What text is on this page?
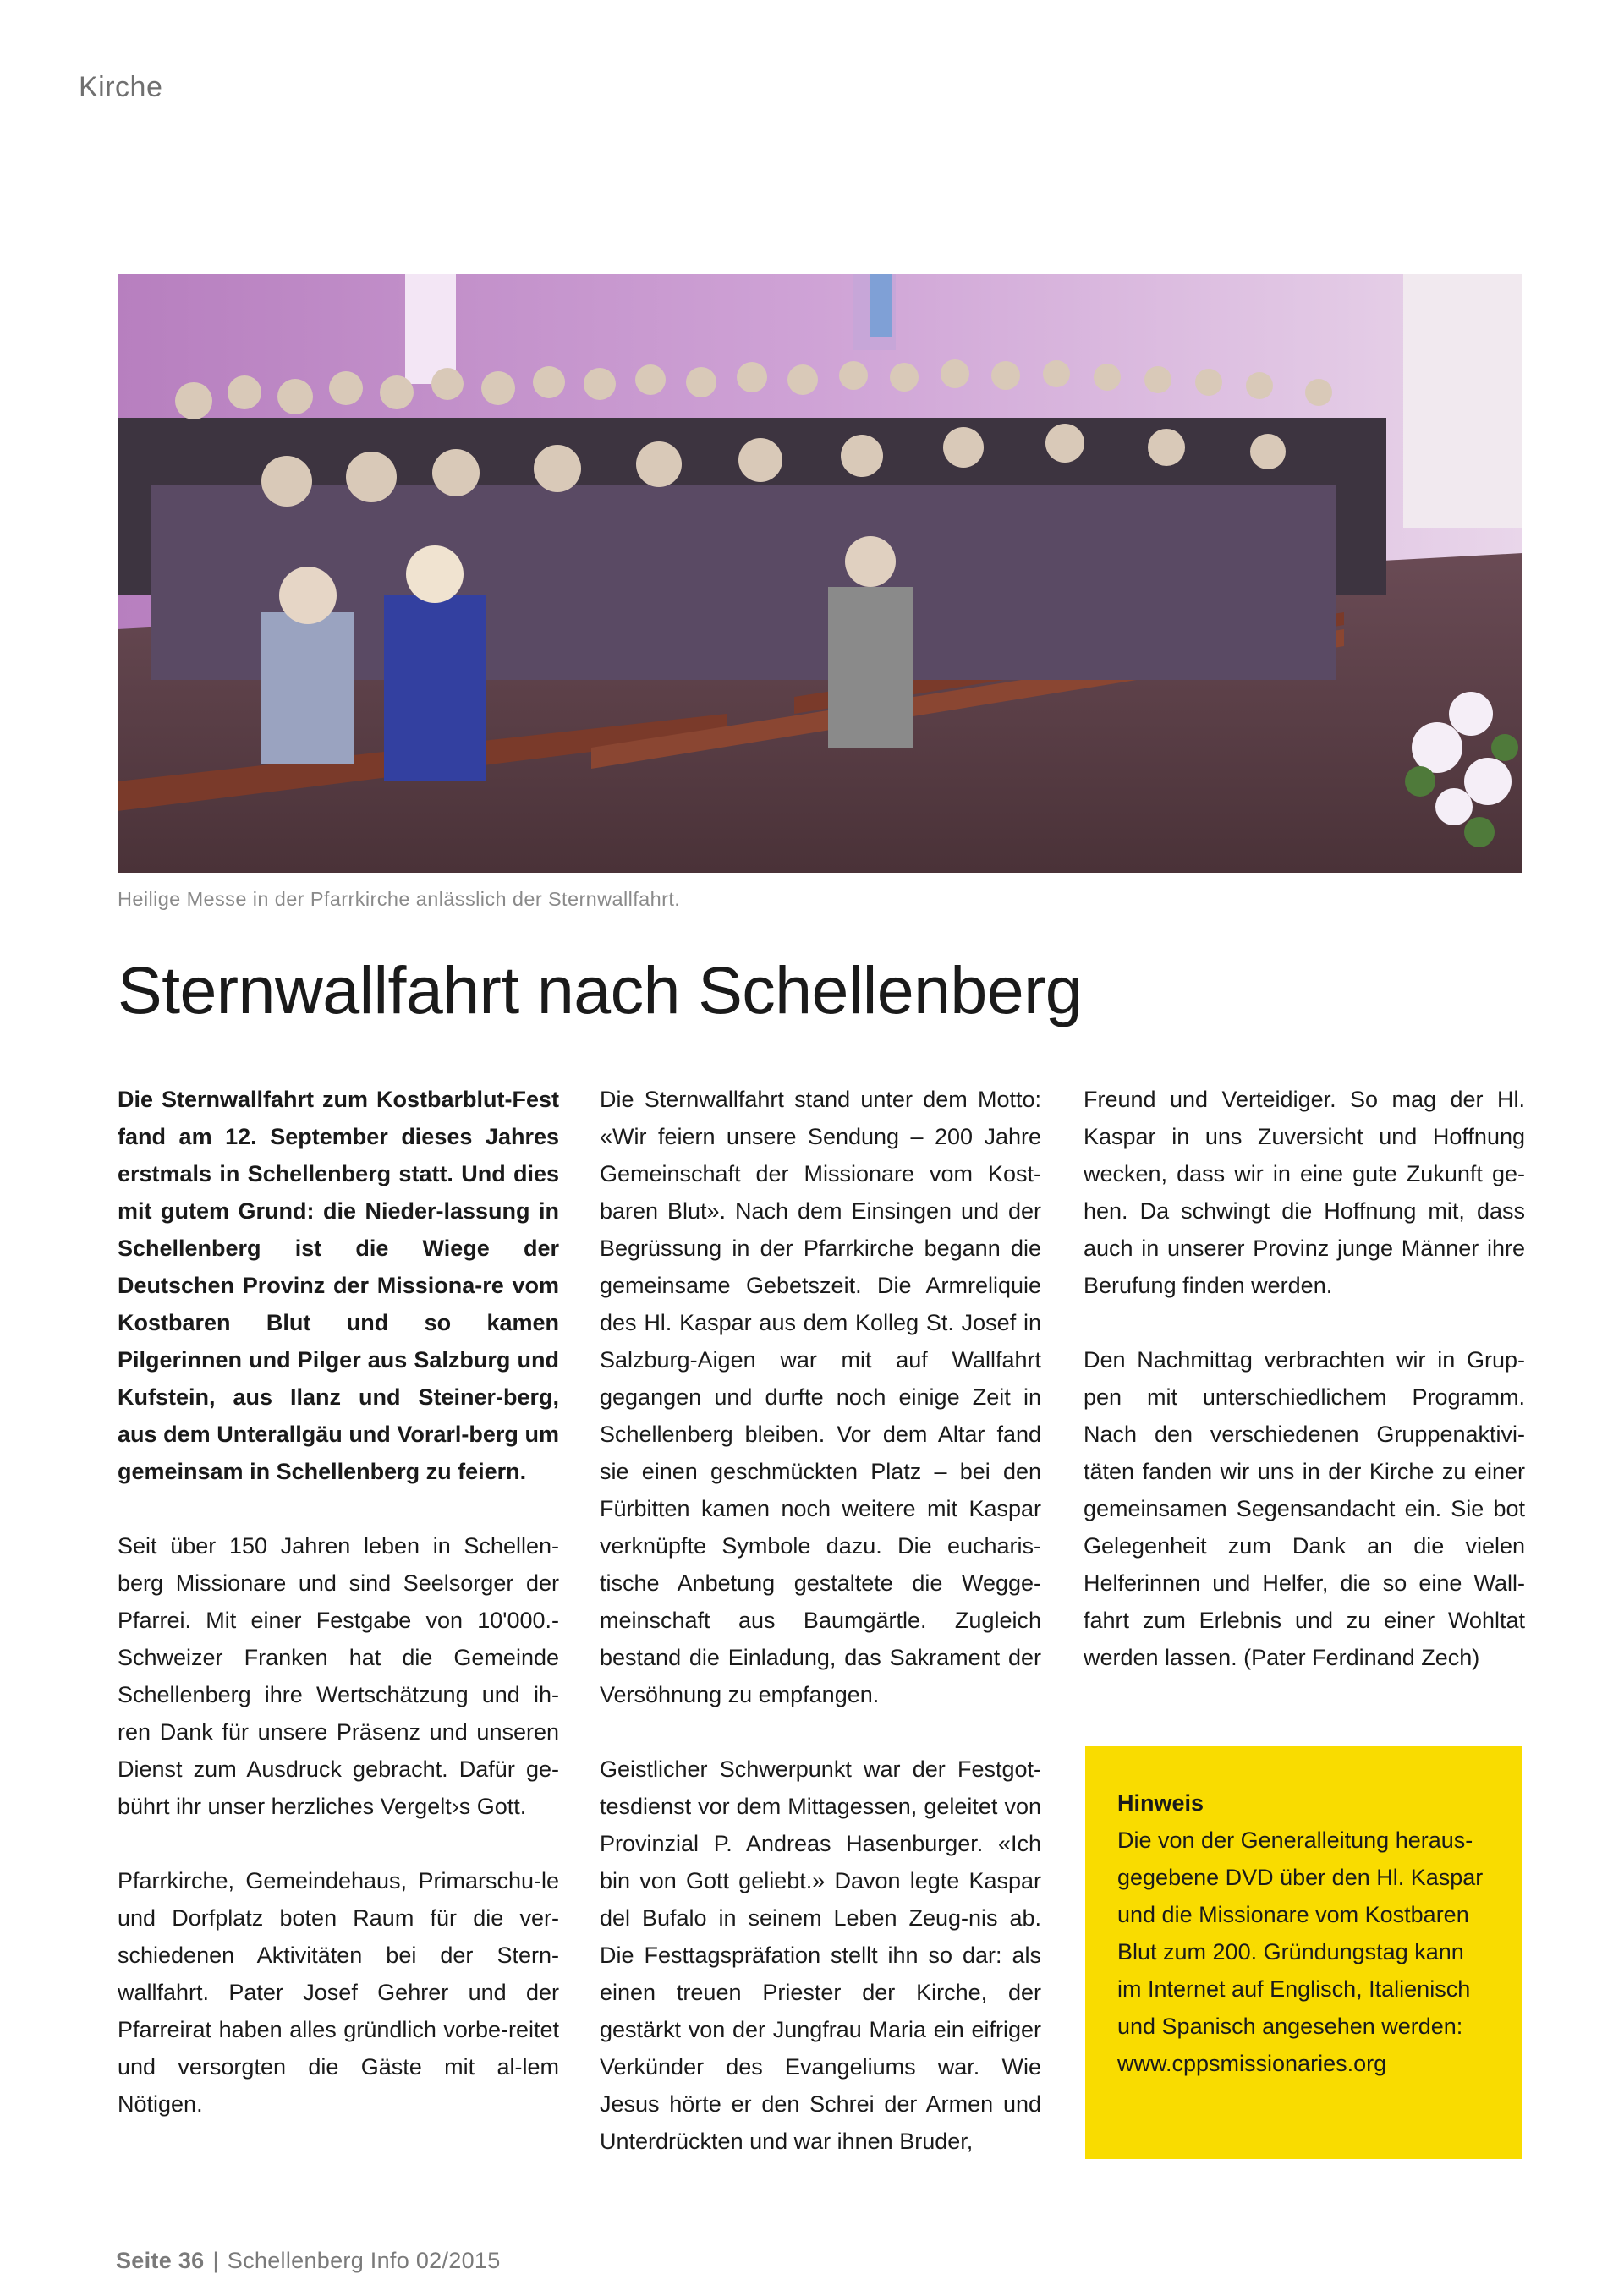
Kirche
Heilige Messe in der Pfarrkirche anlässlich der Sternwallfahrt.
Sternwallfahrt nach Schellenberg

Die Sternwallfahrt zum Kostbarblut-Fest fand am 12. September dieses Jahres erstmals in Schellenberg statt. Und dies mit gutem Grund: die Nieder-lassung in Schellenberg ist die Wiege der Deutschen Provinz der Missiona-re vom Kostbaren Blut und so kamen Pilgerinnen und Pilger aus Salzburg und Kufstein, aus Ilanz und Steiner-berg, aus dem Unterallgäu und Vorarl-berg um gemeinsam in Schellenberg zu feiern.

Seit über 150 Jahren leben in Schellen-berg Missionare und sind Seelsorger der Pfarrei. Mit einer Festgabe von 10'000.- Schweizer Franken hat die Gemeinde Schellenberg ihre Wertschätzung und ih-ren Dank für unsere Präsenz und unseren Dienst zum Ausdruck gebracht. Dafür ge-bührt ihr unser herzliches Vergelt›s Gott.

Pfarrkirche, Gemeindehaus, Primarschu-le und Dorfplatz boten Raum für die ver-schiedenen Aktivitäten bei der Stern-wallfahrt. Pater Josef Gehrer und der Pfarreirat haben alles gründlich vorbe-reitet und versorgten die Gäste mit al-lem Nötigen.

Die Sternwallfahrt stand unter dem Motto: «Wir feiern unsere Sendung – 200 Jahre Gemeinschaft der Missionare vom Kost-baren Blut». Nach dem Einsingen und der Begrüssung in der Pfarrkirche begann die gemeinsame Gebetszeit. Die Armreliquie des Hl. Kaspar aus dem Kolleg St. Josef in Salzburg-Aigen war mit auf Wallfahrt gegangen und durfte noch einige Zeit in Schellenberg bleiben. Vor dem Altar fand sie einen geschmückten Platz – bei den Fürbitten kamen noch weitere mit Kaspar verknüpfte Symbole dazu. Die eucharis-tische Anbetung gestaltete die Wegge-meinschaft aus Baumgärtle. Zugleich bestand die Einladung, das Sakrament der Versöhnung zu empfangen.

Geistlicher Schwerpunkt war der Festgot-tesdienst vor dem Mittagessen, geleitet von Provinzial P. Andreas Hasenburger. «Ich bin von Gott geliebt.» Davon legte Kaspar del Bufalo in seinem Leben Zeug-nis ab. Die Festtagspräfation stellt ihn so dar: als einen treuen Priester der Kirche, der gestärkt von der Jungfrau Maria ein eifriger Verkünder des Evangeliums war. Wie Jesus hörte er den Schrei der Armen und Unterdrückten und war ihnen Bruder,

Freund und Verteidiger. So mag der Hl. Kaspar in uns Zuversicht und Hoffnung wecken, dass wir in eine gute Zukunft ge-hen. Da schwingt die Hoffnung mit, dass auch in unserer Provinz junge Männer ihre Berufung finden werden.

Den Nachmittag verbrachten wir in Grup-pen mit unterschiedlichem Programm. Nach den verschiedenen Gruppenaktivi-täten fanden wir uns in der Kirche zu einer gemeinsamen Segensandacht ein. Sie bot Gelegenheit zum Dank an die vielen Helferinnen und Helfer, die so eine Wall-fahrt zum Erlebnis und zu einer Wohltat werden lassen. (Pater Ferdinand Zech)

Hinweis
Die von der Generalleitung heraus-gegebene DVD über den Hl. Kaspar und die Missionare vom Kostbaren Blut zum 200. Gründungstag kann im Internet auf Englisch, Italienisch und Spanisch angesehen werden:
www.cppsmissionaries.org
Seite 36 | Schellenberg Info 02/2015
